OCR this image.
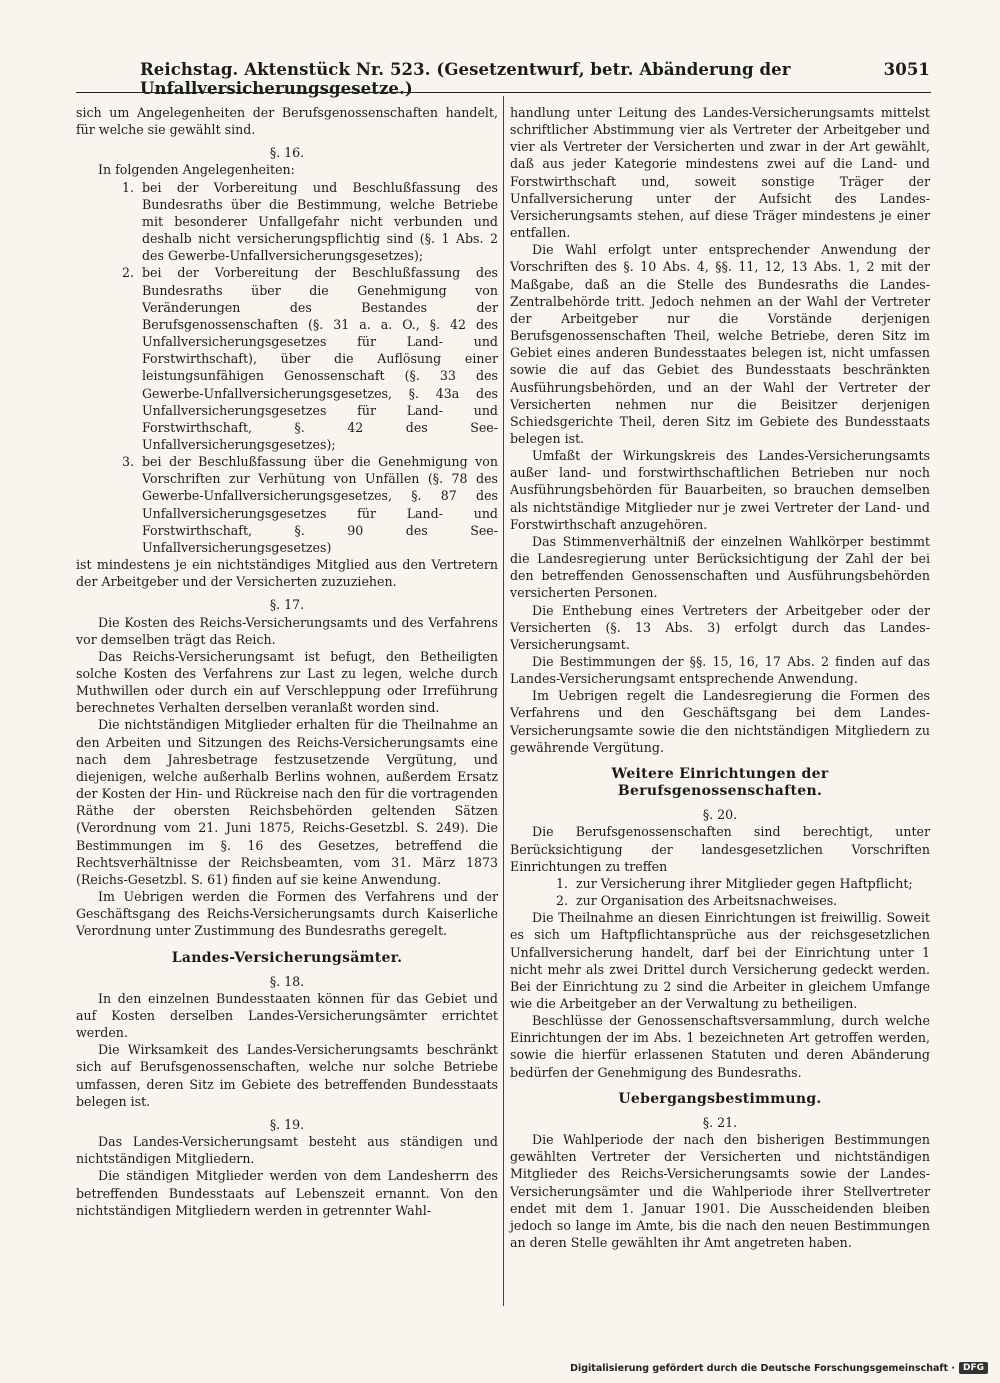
Reichstag. Aktenstück Nr. 523. (Gesetzentwurf, betr. Abänderung der Unfallversicherungsgesetze.)
3051

sich um Angelegenheiten der Berufsgenossenschaften handelt, für welche sie gewählt sind.

§. 16.

In folgenden Angelegenheiten:

1. bei der Vorbereitung und Beschlußfassung des Bundesraths über die Bestimmung, welche Betriebe mit besonderer Unfallgefahr nicht verbunden und deshalb nicht versicherungspflichtig sind (§. 1 Abs. 2 des Gewerbe-Unfallversicherungsgesetzes);

2. bei der Vorbereitung der Beschlußfassung des Bundesraths über die Genehmigung von Veränderungen des Bestandes der Berufsgenossenschaften (§. 31 a. a. O., §. 42 des Unfallversicherungsgesetzes für Land- und Forstwirthschaft), über die Auflösung einer leistungsunfähigen Genossenschaft (§. 33 des Gewerbe-Unfallversicherungsgesetzes, §. 43a des Unfallversicherungsgesetzes für Land- und Forstwirthschaft, §. 42 des See-Unfallversicherungsgesetzes);

3. bei der Beschlußfassung über die Genehmigung von Vorschriften zur Verhütung von Unfällen (§. 78 des Gewerbe-Unfallversicherungsgesetzes, §. 87 des Unfallversicherungsgesetzes für Land- und Forstwirthschaft, §. 90 des See-Unfallversicherungsgesetzes)

ist mindestens je ein nichtständiges Mitglied aus den Vertretern der Arbeitgeber und der Versicherten zuzuziehen.

§. 17.

Die Kosten des Reichs-Versicherungsamts und des Verfahrens vor demselben trägt das Reich.

Das Reichs-Versicherungsamt ist befugt, den Betheiligten solche Kosten des Verfahrens zur Last zu legen, welche durch Muthwillen oder durch ein auf Verschleppung oder Irreführung berechnetes Verhalten derselben veranlaßt worden sind.

Die nichtständigen Mitglieder erhalten für die Theilnahme an den Arbeiten und Sitzungen des Reichs-Versicherungsamts eine nach dem Jahresbetrage festzusetzende Vergütung, und diejenigen, welche außerhalb Berlins wohnen, außerdem Ersatz der Kosten der Hin- und Rückreise nach den für die vortragenden Räthe der obersten Reichsbehörden geltenden Sätzen (Verordnung vom 21. Juni 1875, Reichs-Gesetzbl. S. 249). Die Bestimmungen im §. 16 des Gesetzes, betreffend die Rechtsverhältnisse der Reichsbeamten, vom 31. März 1873 (Reichs-Gesetzbl. S. 61) finden auf sie keine Anwendung.

Im Uebrigen werden die Formen des Verfahrens und der Geschäftsgang des Reichs-Versicherungsamts durch Kaiserliche Verordnung unter Zustimmung des Bundesraths geregelt.

Landes-Versicherungsämter.

§. 18.

In den einzelnen Bundesstaaten können für das Gebiet und auf Kosten derselben Landes-Versicherungsämter errichtet werden.

Die Wirksamkeit des Landes-Versicherungsamts beschränkt sich auf Berufsgenossenschaften, welche nur solche Betriebe umfassen, deren Sitz im Gebiete des betreffenden Bundesstaats belegen ist.

§. 19.

Das Landes-Versicherungsamt besteht aus ständigen und nichtständigen Mitgliedern.

Die ständigen Mitglieder werden von dem Landesherrn des betreffenden Bundesstaats auf Lebenszeit ernannt. Von den nichtständigen Mitgliedern werden in getrennter Wahl-

handlung unter Leitung des Landes-Versicherungsamts mittelst schriftlicher Abstimmung vier als Vertreter der Arbeitgeber und vier als Vertreter der Versicherten und zwar in der Art gewählt, daß aus jeder Kategorie mindestens zwei auf die Land- und Forstwirthschaft und, soweit sonstige Träger der Unfallversicherung unter der Aufsicht des Landes-Versicherungsamts stehen, auf diese Träger mindestens je einer entfallen.

Die Wahl erfolgt unter entsprechender Anwendung der Vorschriften des §. 10 Abs. 4, §§. 11, 12, 13 Abs. 1, 2 mit der Maßgabe, daß an die Stelle des Bundesraths die Landes-Zentralbehörde tritt. Jedoch nehmen an der Wahl der Vertreter der Arbeitgeber nur die Vorstände derjenigen Berufsgenossenschaften Theil, welche Betriebe, deren Sitz im Gebiet eines anderen Bundesstaates belegen ist, nicht umfassen sowie die auf das Gebiet des Bundesstaats beschränkten Ausführungsbehörden, und an der Wahl der Vertreter der Versicherten nehmen nur die Beisitzer derjenigen Schiedsgerichte Theil, deren Sitz im Gebiete des Bundesstaats belegen ist.

Umfaßt der Wirkungskreis des Landes-Versicherungsamts außer land- und forstwirthschaftlichen Betrieben nur noch Ausführungsbehörden für Bauarbeiten, so brauchen demselben als nichtständige Mitglieder nur je zwei Vertreter der Land- und Forstwirthschaft anzugehören.

Das Stimmenverhältniß der einzelnen Wahlkörper bestimmt die Landesregierung unter Berücksichtigung der Zahl der bei den betreffenden Genossenschaften und Ausführungsbehörden versicherten Personen.

Die Enthebung eines Vertreters der Arbeitgeber oder der Versicherten (§. 13 Abs. 3) erfolgt durch das Landes-Versicherungsamt.

Die Bestimmungen der §§. 15, 16, 17 Abs. 2 finden auf das Landes-Versicherungsamt entsprechende Anwendung.

Im Uebrigen regelt die Landesregierung die Formen des Verfahrens und den Geschäftsgang bei dem Landes-Versicherungsamte sowie die den nichtständigen Mitgliedern zu gewährende Vergütung.

Weitere Einrichtungen der Berufsgenossenschaften.

§. 20.

Die Berufsgenossenschaften sind berechtigt, unter Berücksichtigung der landesgesetzlichen Vorschriften Einrichtungen zu treffen

1. zur Versicherung ihrer Mitglieder gegen Haftpflicht;

2. zur Organisation des Arbeitsnachweises.

Die Theilnahme an diesen Einrichtungen ist freiwillig. Soweit es sich um Haftpflichtansprüche aus der reichsgesetzlichen Unfallversicherung handelt, darf bei der Einrichtung unter 1 nicht mehr als zwei Drittel durch Versicherung gedeckt werden. Bei der Einrichtung zu 2 sind die Arbeiter in gleichem Umfange wie die Arbeitgeber an der Verwaltung zu betheiligen.

Beschlüsse der Genossenschaftsversammlung, durch welche Einrichtungen der im Abs. 1 bezeichneten Art getroffen werden, sowie die hierfür erlassenen Statuten und deren Abänderung bedürfen der Genehmigung des Bundesraths.

Uebergangsbestimmung.

§. 21.

Die Wahlperiode der nach den bisherigen Bestimmungen gewählten Vertreter der Versicherten und nichtständigen Mitglieder des Reichs-Versicherungsamts sowie der Landes-Versicherungsämter und die Wahlperiode ihrer Stellvertreter endet mit dem 1. Januar 1901. Die Ausscheidenden bleiben jedoch so lange im Amte, bis die nach den neuen Bestimmungen an deren Stelle gewählten ihr Amt angetreten haben.

Digitalisierung gefördert durch die Deutsche Forschungsgemeinschaft · DFG
